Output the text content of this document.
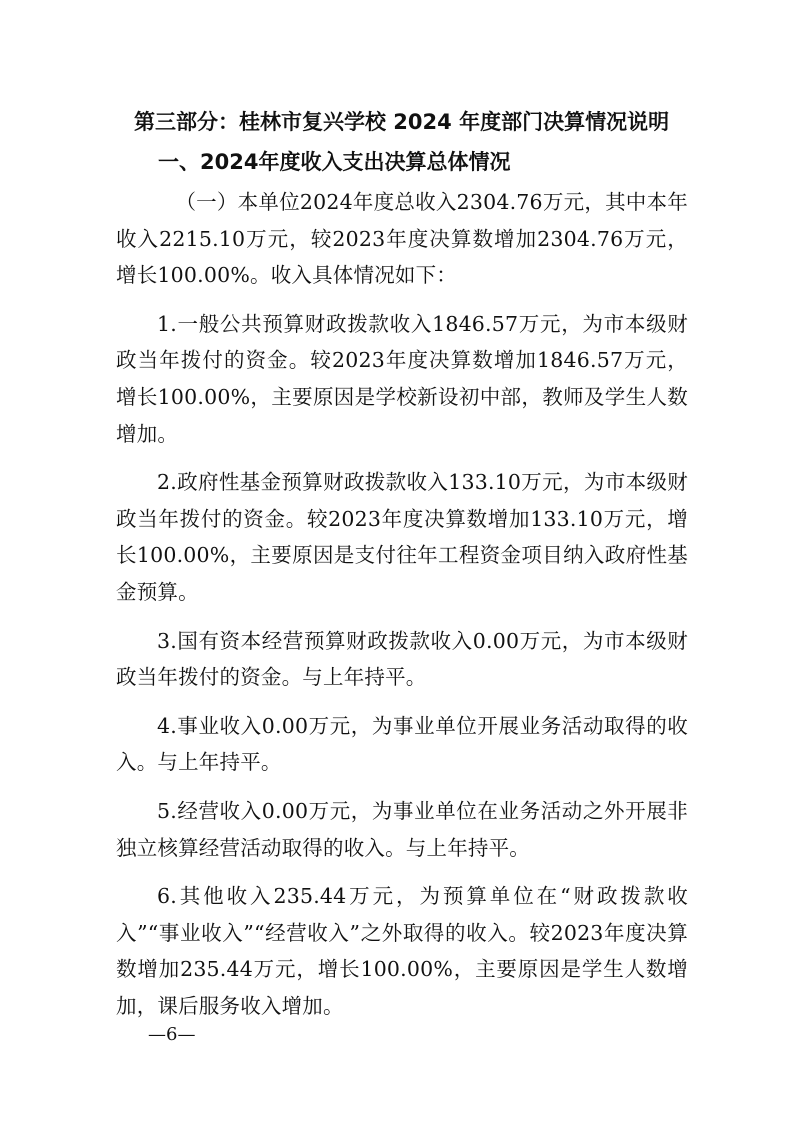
第三部分：桂林市复兴学校 2024 年度部门决算情况说明
一、2024年度收入支出决算总体情况

（一）本单位2024年度总收入2304.76万元，其中本年收入2215.10万元，较2023年度决算数增加2304.76万元，增长100.00%。收入具体情况如下：

1.一般公共预算财政拨款收入1846.57万元，为市本级财政当年拨付的资金。较2023年度决算数增加1846.57万元，增长100.00%，主要原因是学校新设初中部，教师及学生人数增加。

2.政府性基金预算财政拨款收入133.10万元，为市本级财政当年拨付的资金。较2023年度决算数增加133.10万元，增长100.00%，主要原因是支付往年工程资金项目纳入政府性基金预算。

3.国有资本经营预算财政拨款收入0.00万元，为市本级财政当年拨付的资金。与上年持平。

4.事业收入0.00万元，为事业单位开展业务活动取得的收入。与上年持平。

5.经营收入0.00万元，为事业单位在业务活动之外开展非独立核算经营活动取得的收入。与上年持平。

6.其他收入235.44万元，为预算单位在“财政拨款收入”“事业收入”“经营收入”之外取得的收入。较2023年度决算数增加235.44万元，增长100.00%，主要原因是学生人数增加，课后服务收入增加。

—6—
